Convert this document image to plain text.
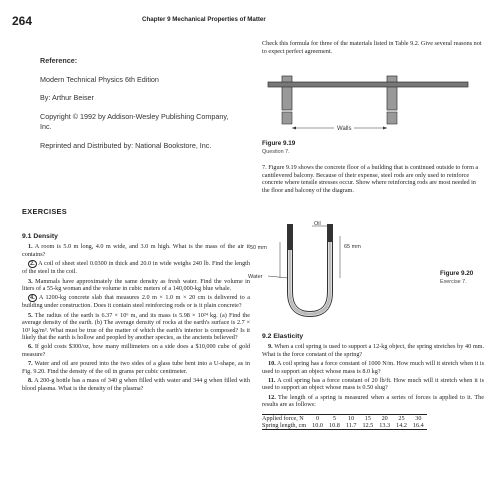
264	Chapter 9 Mechanical Properties of Matter
Reference:
Modern Technical Physics 6th Edition
By: Arthur Beiser
Copyright © 1992 by Addison-Wesley Publishing Company, Inc.
Reprinted and Distributed by: National Bookstore, Inc.
Check this formula for three of the materials listed in Table 9.2. Give several reasons not to expect perfect agreement.
Walls
Figure 9.19
Question 7.
7. Figure 9.19 shows the concrete floor of a building that is continued outside to form a cantilevered balcony. Because of their expense, steel rods are only used to reinforce concrete where tensile stresses occur. Show where reinforcing rods are most needed in the floor and balcony of the diagram.
Oil
50 mm	65 mm
Water	Figure 9.20
Exercise 7.
EXERCISES
9.1 Density

1. A room is 5.0 m long, 4.0 m wide, and 3.0 m high. What is the mass of the air it contains?

2. A coil of sheet steel 0.0300 in thick and 20.0 in wide weighs 240 lb. Find the length of the steel in the coil.

3. Mammals have approximately the same density as fresh water. Find the volume in liters of a 55-kg woman and the volume in cubic meters of a 140,000-kg blue whale.

4. A 1200-kg concrete slab that measures 2.0 m × 1.0 m × 20 cm is delivered to a building under construction. Does it contain steel reinforcing rods or is it plain concrete?

5. The radius of the earth is 6.37 × 10⁶ m, and its mass is 5.98 × 10²⁴ kg. (a) Find the average density of the earth. (b) The average density of rocks at the earth's surface is 2.7 × 10³ kg/m³. What must be true of the matter of which the earth's interior is composed? Is it likely that the earth is hollow and peopled by another species, as the ancients believed?

6. If gold costs $300/oz, how many millimeters on a side does a $10,000 cube of gold measure?

7. Water and oil are poured into the two sides of a glass tube bent into a U-shape, as in Fig. 9.20. Find the density of the oil in grams per cubic centimeter.

8. A 200-g bottle has a mass of 340 g when filled with water and 344 g when filled with blood plasma. What is the density of the plasma?

9.2 Elasticity

9. When a coil spring is used to support a 12-kg object, the spring stretches by 40 mm. What is the force constant of the spring?

10. A coil spring has a force constant of 1000 N/m. How much will it stretch when it is used to support an object whose mass is 8.0 kg?

11. A coil spring has a force constant of 20 lb/ft. How much will it stretch when it is used to support an object whose mass is 0.50 slug?

12. The length of a spring is measured when a series of forces is applied to it. The results are as follows:

Applied force, N	0	5	10	15	20	25	30
Spring length, cm	10.0	10.8	11.7	12.5	13.3	14.2	16.4
